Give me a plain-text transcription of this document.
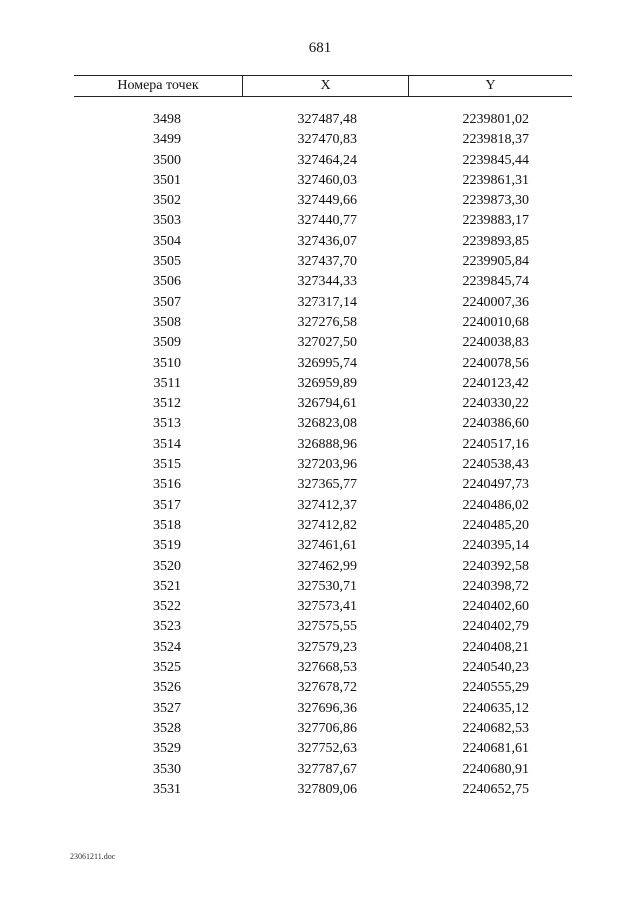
681
Номера точек	X	Y
3498	327487,48	2239801,02
3499	327470,83	2239818,37
3500	327464,24	2239845,44
3501	327460,03	2239861,31
3502	327449,66	2239873,30
3503	327440,77	2239883,17
3504	327436,07	2239893,85
3505	327437,70	2239905,84
3506	327344,33	2239845,74
3507	327317,14	2240007,36
3508	327276,58	2240010,68
3509	327027,50	2240038,83
3510	326995,74	2240078,56
3511	326959,89	2240123,42
3512	326794,61	2240330,22
3513	326823,08	2240386,60
3514	326888,96	2240517,16
3515	327203,96	2240538,43
3516	327365,77	2240497,73
3517	327412,37	2240486,02
3518	327412,82	2240485,20
3519	327461,61	2240395,14
3520	327462,99	2240392,58
3521	327530,71	2240398,72
3522	327573,41	2240402,60
3523	327575,55	2240402,79
3524	327579,23	2240408,21
3525	327668,53	2240540,23
3526	327678,72	2240555,29
3527	327696,36	2240635,12
3528	327706,86	2240682,53
3529	327752,63	2240681,61
3530	327787,67	2240680,91
3531	327809,06	2240652,75
23061211.doc
